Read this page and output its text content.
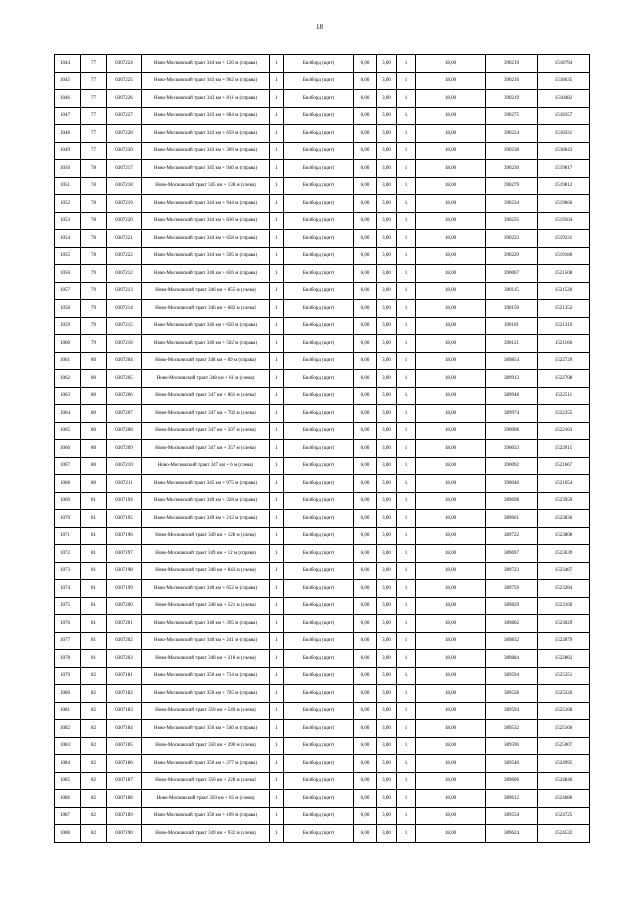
18
1044	77	0307224	Ново-Московский тракт 344 км + 120 м (справа)	1	Билборд (щит)	6,00	3,00	1	18,00	390219	1518794
1045	77	0307225	Ново-Московский тракт 343 км + 962 м (справа)	1	Билборд (щит)	6,00	3,00	1	18,00	390216	1518635
1046	77	0307226	Ново-Московский тракт 343 км + 811 м (справа)	1	Билборд (щит)	6,00	3,00	1	18,00	390219	1518482
1047	77	0307227	Ново-Московский тракт 343 км + 684 м (справа)	1	Билборд (щит)	6,00	3,00	1	18,00	390275	1518357
1048	77	0307228	Ново-Московский тракт 343 км + 659 м (справа)	1	Билборд (щит)	6,00	3,00	1	18,00	390224	1518331
1049	77	0307230	Ново-Московский тракт 343 км + 369 м (справа)	1	Билборд (щит)	6,00	3,00	1	18,00	390238	1518043
1050	78	0307217	Ново-Московский тракт 345 км + 940 м (справа)	1	Билборд (щит)	6,00	3,00	1	18,00	390230	1519817
1051	78	0307218	Ново-Московский тракт 345 км + 138 м (слева)	1	Билборд (щит)	6,00	3,00	1	18,00	390279	1519812
1052	78	0307219	Ново-Московский тракт 344 км + 944 м (справа)	1	Билборд (щит)	6,00	3,00	1	18,00	390234	1519666
1053	78	0307220	Ново-Московский тракт 344 км + 830 м (справа)	1	Билборд (щит)	6,00	3,00	1	18,00	390235	1519504
1054	78	0307221	Ново-Московский тракт 344 км + 658 м (справа)	1	Билборд (щит)	6,00	3,00	1	18,00	390233	1519331
1055	78	0307222	Ново-Московский тракт 344 км + 505 м (справа)	1	Билборд (щит)	6,00	3,00	1	18,00	390229	1519180
1056	79	0307212	Ново-Московский тракт 346 км + 826 м (справа)	1	Билборд (щит)	6,00	3,00	1	18,00	390067	1521508
1057	79	0307213	Ново-Московский тракт 346 км + 855 м (слева)	1	Билборд (щит)	6,00	3,00	1	18,00	390115	1521520
1058	79	0307214	Ново-Московский тракт 346 км + 682 м (слева)	1	Билборд (щит)	6,00	3,00	1	18,00	390150	1521352
1059	79	0307215	Ново-Московский тракт 346 км + 650 м (справа)	1	Билборд (щит)	6,00	3,00	1	18,00	390101	1521316
1060	79	0307216	Ново-Московский тракт 346 км + 502 м (справа)	1	Билборд (щит)	6,00	3,00	1	18,00	390121	1521166
1061	80	0307204	Ново-Московский тракт 348 км + 89 м (справа)	1	Билборд (щит)	6,00	3,00	1	18,00	389854	1522729
1062	80	0307205	Ново-Московский тракт 348 км + 61 м (слева)	1	Билборд (щит)	6,00	3,00	1	18,00	389913	1522708
1063	80	0307206	Ново-Московский тракт 347 км + 861 м (слева)	1	Билборд (щит)	6,00	3,00	1	18,00	389948	1522511
1064	80	0307207	Ново-Московский тракт 347 км + 702 м (слева)	1	Билборд (щит)	6,00	3,00	1	18,00	389974	1522355
1065	80	0307208	Ново-Московский тракт 347 км + 507 м (слева)	1	Билборд (щит)	6,00	3,00	1	18,00	390008	1522163
1066	80	0307209	Ново-Московский тракт 347 км + 357 м (слева)	1	Билборд (щит)	6,00	3,00	1	18,00	390033	1522015
1067	80	0307210	Ново-Московский тракт 347 км + 6 м (слева)	1	Билборд (щит)	6,00	3,00	1	18,00	390092	1521667
1068	80	0307211	Ново-Московский тракт 345 км + 975 м (справа)	1	Билборд (щит)	6,00	3,00	1	18,00	390046	1521654
1069	81	0307194	Ново-Московский тракт 349 км + 328 м (справа)	1	Билборд (щит)	6,00	3,00	1	18,00	389698	1523959
1070	81	0307195	Ново-Московский тракт 349 км + 212 м (справа)	1	Билборд (щит)	6,00	3,00	1	18,00	389661	1523836
1071	81	0307196	Ново-Московский тракт 349 км + 128 м (слева)	1	Билборд (щит)	6,00	3,00	1	18,00	389722	1523808
1072	81	0307197	Ново-Московский тракт 349 км + 12 м (справа)	1	Билборд (щит)	6,00	3,00	1	18,00	389697	1523639
1073	81	0307198	Ново-Московский тракт 348 км + 843 м (слева)	1	Билборд (щит)	6,00	3,00	1	18,00	389723	1523467
1074	81	0307199	Ново-Московский тракт 348 км + 652 м (справа)	1	Билборд (щит)	6,00	3,00	1	18,00	389759	1523284
1075	81	0307200	Ново-Московский тракт 348 км + 521 м (слева)	1	Билборд (щит)	6,00	3,00	1	18,00	389829	1523160
1076	81	0307201	Ново-Московский тракт 348 км + 395 м (справа)	1	Билборд (щит)	6,00	3,00	1	18,00	389802	1523029
1077	81	0307202	Ново-Московский тракт 348 км + 241 м (справа)	1	Билборд (щит)	6,00	3,00	1	18,00	389832	1522879
1078	81	0307203	Ново-Московский тракт 348 км + 218 м (слева)	1	Билборд (щит)	6,00	3,00	1	18,00	389884	1522862
1079	82	0307181	Ново-Московский тракт 350 км + 734 м (справа)	1	Билборд (щит)	6,00	3,00	1	18,00	389594	1525351
1080	82	0307182	Ново-Московский тракт 350 км + 705 м (справа)	1	Билборд (щит)	6,00	3,00	1	18,00	389528	1525326
1081	82	0307183	Ново-Московский тракт 350 км + 549 м (слева)	1	Билборд (щит)	6,00	3,00	1	18,00	389594	1525168
1082	82	0307184	Ново-Московский тракт 350 км + 540 м (справа)	1	Билборд (щит)	6,00	3,00	1	18,00	389532	1525160
1083	82	0307185	Ново-Московский тракт 350 км + 390 м (слева)	1	Билборд (щит)	6,00	3,00	1	18,00	389596	1525007
1084	82	0307186	Ново-Московский тракт 350 км + 377 м (справа)	1	Билборд (щит)	6,00	3,00	1	18,00	389540	1524995
1085	82	0307187	Ново-Московский тракт 350 км + 228 м (слева)	1	Билборд (щит)	6,00	3,00	1	18,00	389606	1524846
1086	82	0307188	Ново-Московский тракт 350 км + 65 м (слева)	1	Билборд (щит)	6,00	3,00	1	18,00	389612	1524686
1087	82	0307189	Ново-Московский тракт 350 км + 109 м (справа)	1	Билборд (щит)	6,00	3,00	1	18,00	389554	1524725
1088	82	0307190	Ново-Московский тракт 349 км + 932 м (слева)	1	Билборд (щит)	6,00	3,00	1	18,00	389624	1524532
